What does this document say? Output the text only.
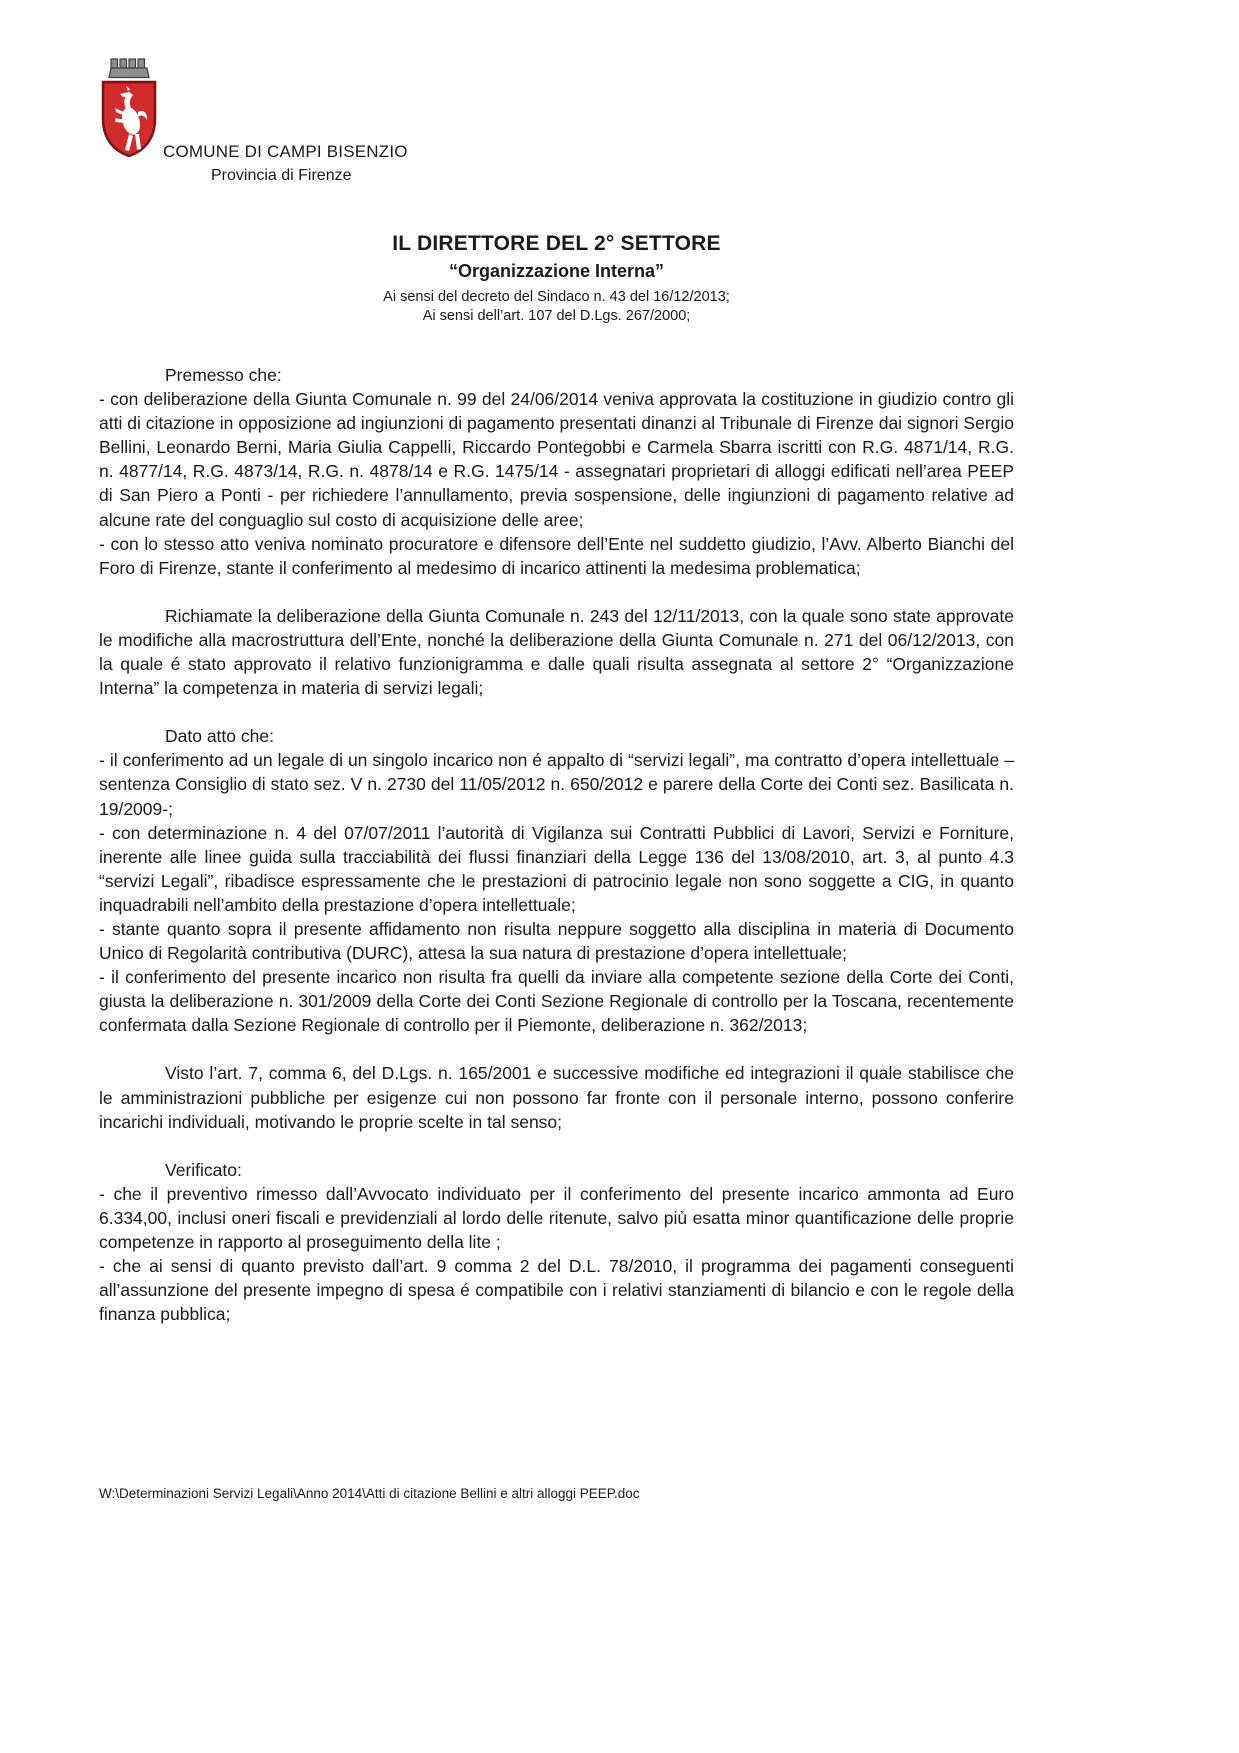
COMUNE DI CAMPI BISENZIO
Provincia di Firenze
IL DIRETTORE DEL 2° SETTORE
“Organizzazione Interna”
Ai sensi del decreto del Sindaco n. 43 del 16/12/2013;
Ai sensi dell’art. 107 del D.Lgs. 267/2000;

Premesso che:

- con deliberazione della Giunta Comunale n. 99 del 24/06/2014 veniva approvata la costituzione in giudizio contro gli atti di citazione in opposizione ad ingiunzioni di pagamento presentati dinanzi al Tribunale di Firenze dai signori Sergio Bellini, Leonardo Berni, Maria Giulia Cappelli, Riccardo Pontegobbi e Carmela Sbarra iscritti con R.G. 4871/14, R.G. n. 4877/14, R.G. 4873/14, R.G. n. 4878/14 e R.G. 1475/14 - assegnatari proprietari di alloggi edificati nell’area PEEP di San Piero a Ponti - per richiedere l’annullamento, previa sospensione, delle ingiunzioni di pagamento relative ad alcune rate del conguaglio sul costo di acquisizione delle aree;

- con lo stesso atto veniva nominato procuratore e difensore dell’Ente nel suddetto giudizio, l’Avv. Alberto Bianchi del Foro di Firenze, stante il conferimento al medesimo di incarico attinenti la medesima problematica;

Richiamate la deliberazione della Giunta Comunale n. 243 del 12/11/2013, con la quale sono state approvate le modifiche alla macrostruttura dell’Ente, nonché la deliberazione della Giunta Comunale n. 271 del 06/12/2013, con la quale é stato approvato il relativo funzionigramma e dalle quali risulta assegnata al settore 2° “Organizzazione Interna” la competenza in materia di servizi legali;

Dato atto che:

- il conferimento ad un legale di un singolo incarico non é appalto di “servizi legali”, ma contratto d’opera intellettuale – sentenza Consiglio di stato sez. V n. 2730 del 11/05/2012 n. 650/2012 e parere della Corte dei Conti sez. Basilicata n. 19/2009-;

- con determinazione n. 4 del 07/07/2011 l’autorità di Vigilanza sui Contratti Pubblici di Lavori, Servizi e Forniture, inerente alle linee guida sulla tracciabilità dei flussi finanziari della Legge 136 del 13/08/2010, art. 3, al punto 4.3 “servizi Legali”, ribadisce espressamente che le prestazioni di patrocinio legale non sono soggette a CIG, in quanto inquadrabili nell’ambito della prestazione d’opera intellettuale;

- stante quanto sopra il presente affidamento non risulta neppure soggetto alla disciplina in materia di Documento Unico di Regolarità contributiva (DURC), attesa la sua natura di prestazione d’opera intellettuale;

- il conferimento del presente incarico non risulta fra quelli da inviare alla competente sezione della Corte dei Conti, giusta la deliberazione n. 301/2009 della Corte dei Conti Sezione Regionale di controllo per la Toscana, recentemente confermata dalla Sezione Regionale di controllo per il Piemonte, deliberazione n. 362/2013;

Visto l’art. 7, comma 6, del D.Lgs. n. 165/2001 e successive modifiche ed integrazioni il quale stabilisce che le amministrazioni pubbliche per esigenze cui non possono far fronte con il personale interno, possono conferire incarichi individuali, motivando le proprie scelte in tal senso;

Verificato:

- che il preventivo rimesso dall’Avvocato individuato per il conferimento del presente incarico ammonta ad Euro 6.334,00, inclusi oneri fiscali e previdenziali al lordo delle ritenute, salvo più esatta minor quantificazione delle proprie competenze in rapporto al proseguimento della lite ;

- che ai sensi di quanto previsto dall’art. 9 comma 2 del D.L. 78/2010, il programma dei pagamenti conseguenti all’assunzione del presente impegno di spesa é compatibile con i relativi stanziamenti di bilancio e con le regole della finanza pubblica;

W:\Determinazioni Servizi Legali\Anno 2014\Atti di citazione Bellini e altri alloggi PEEP.doc
